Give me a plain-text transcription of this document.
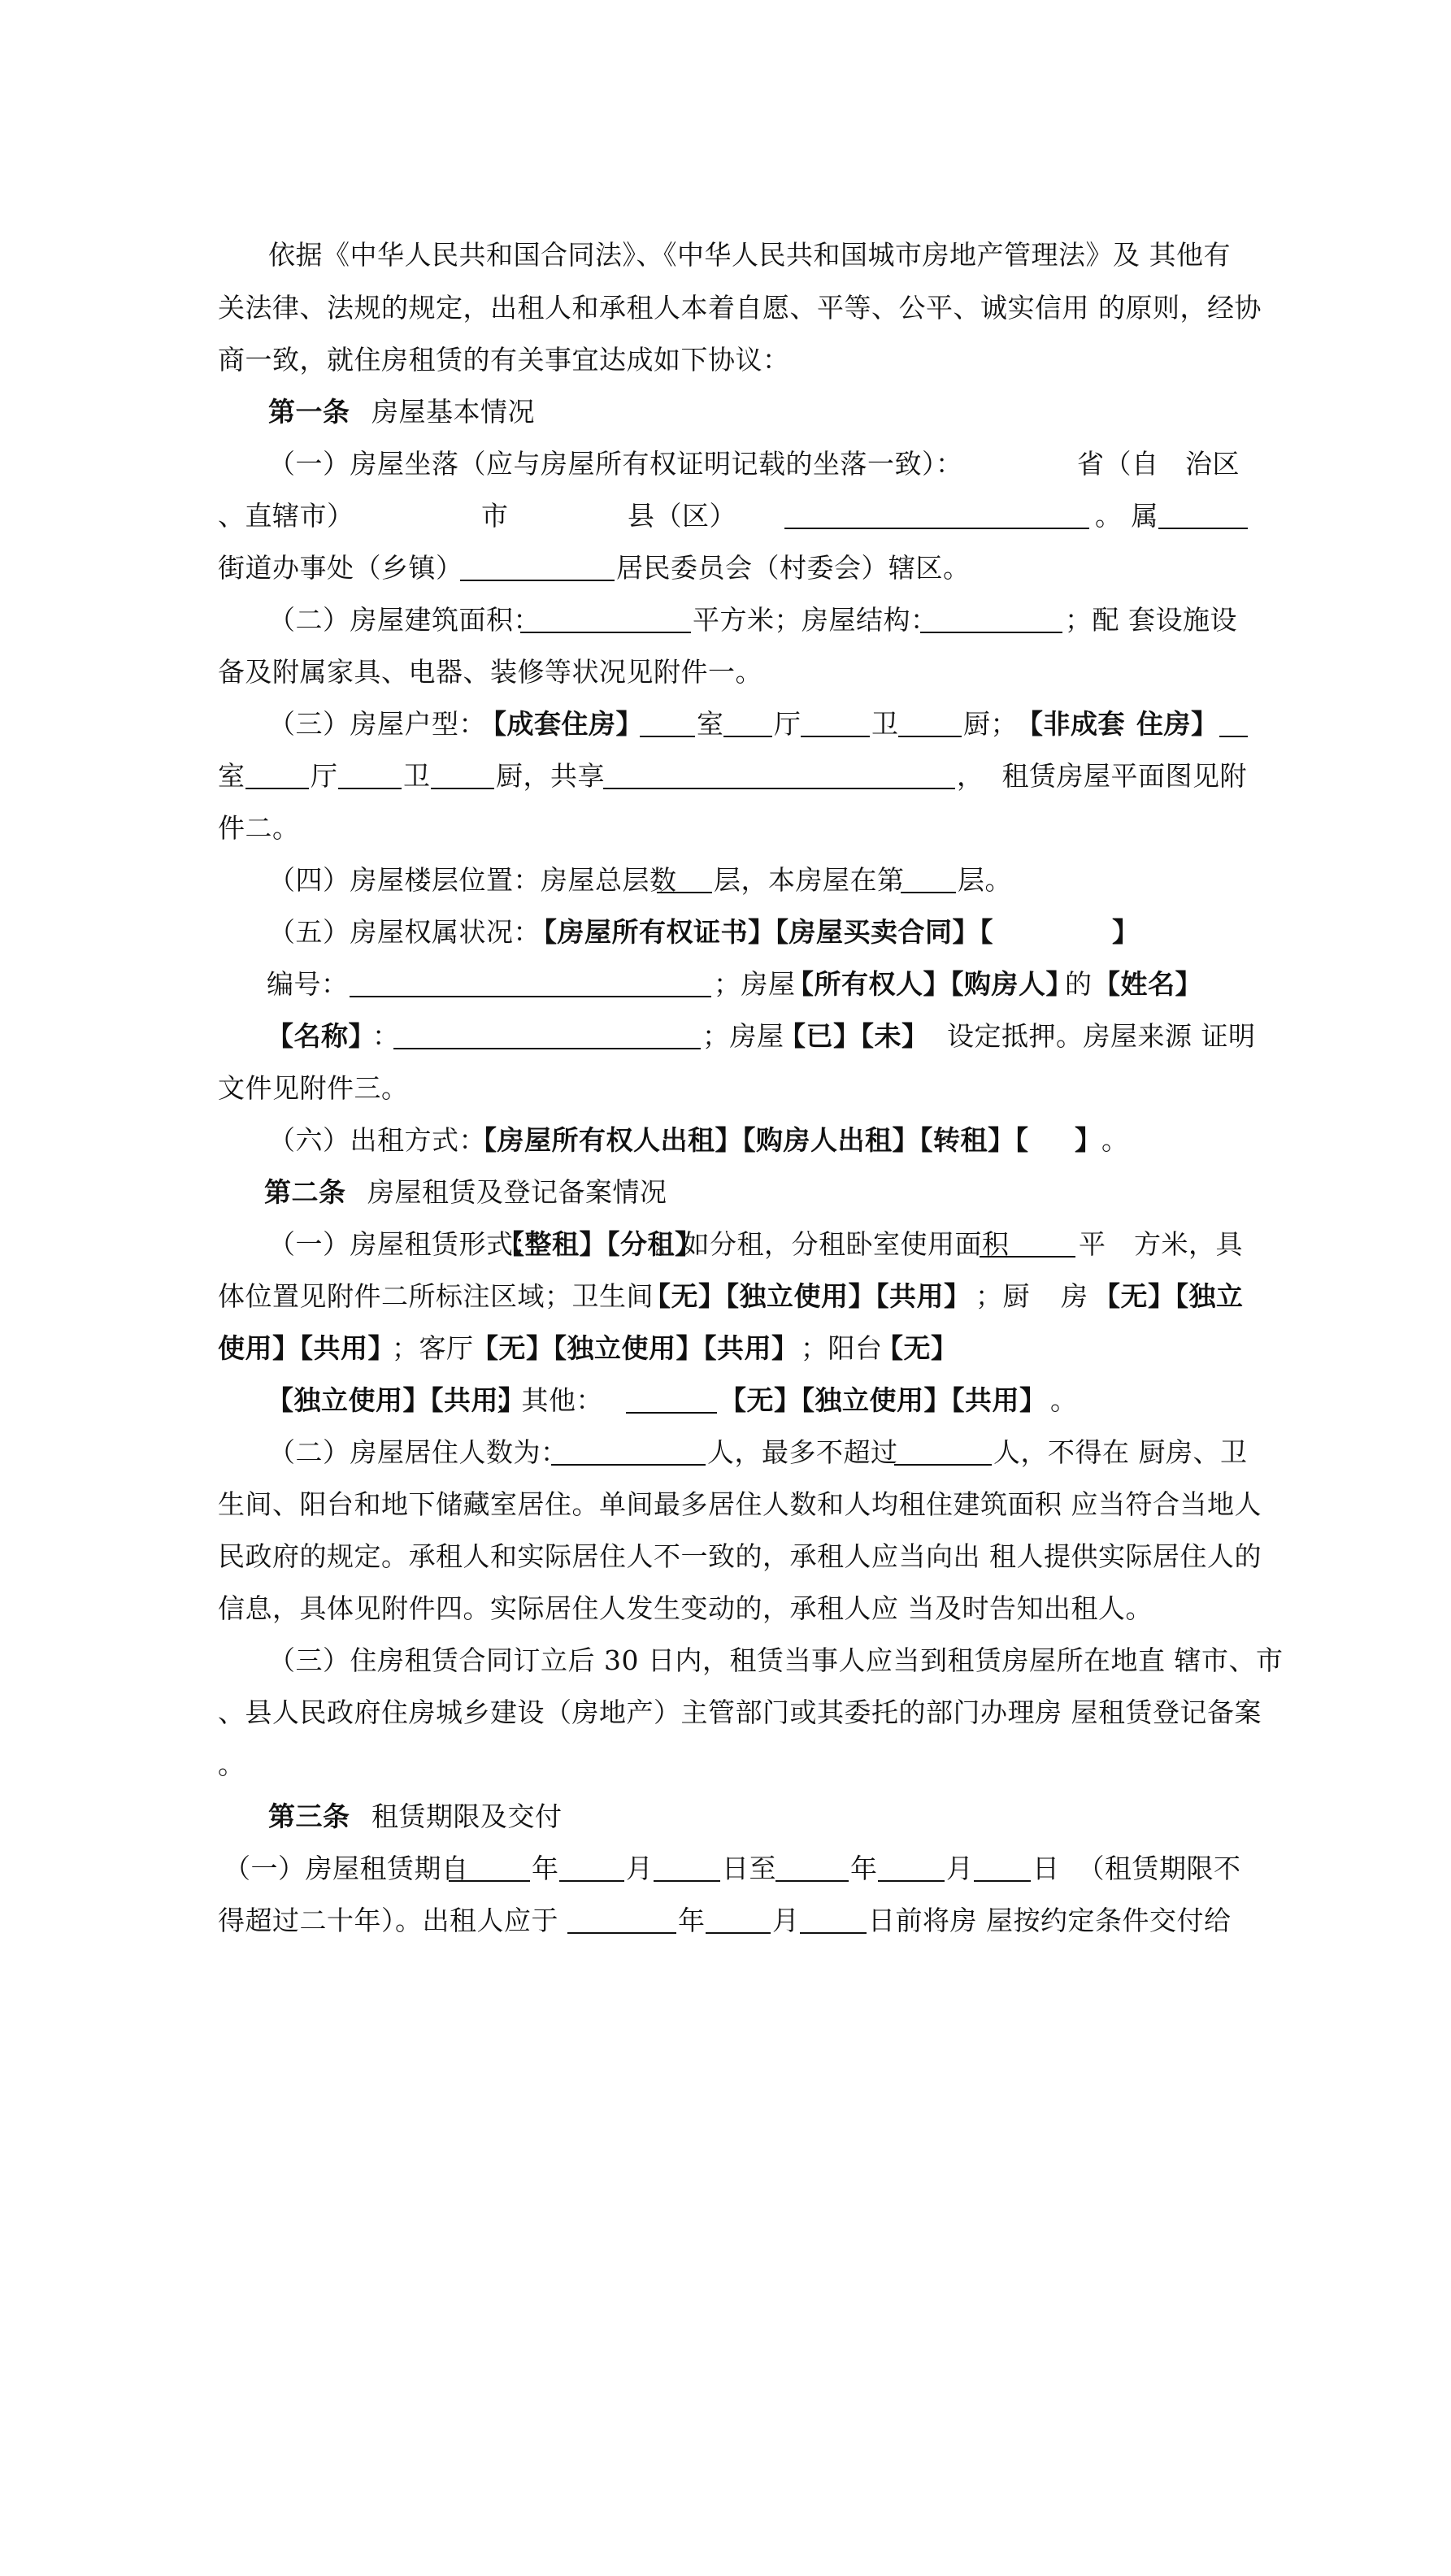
依据《中华人民共和国合同法》、《中华人民共和国城市房地产管理法》及 其他有

关法律、法规的规定，出租人和承租人本着自愿、平等、公平、诚实信用 的原则，经协

商一致，就住房租赁的有关事宜达成如下协议：

第一条

房屋基本情况

（一）房屋坐落（应与房屋所有权证明记载的坐落一致）：

	省（自

治区

、直辖市）

	市

	县（区）

	。 属

街道办事处（乡镇）

	居民委员会（村委会）辖区。

（二）房屋建筑面积：

	平方米；房屋结构：

	；配 套设施设

备及附属家具、电器、装修等状况见附件一。

（三）房屋户型：

【成套住房】

室

厅

	卫

厨；

【非成套

住房】

室

厅

卫

厨，共享

	，  租赁房屋平面图见附

件二。

（四）房屋楼层位置：房屋总层数

层，本房屋在第

层。

（五）房屋权属状况：

【房屋所有权证书】【房屋买卖合同】【

	】

编号：

	；房屋

【所有权人】【购房人】

的

【姓名】

【名称】

：

	；房屋

【已】【未】

设定抵押。房屋来源 证明

文件见附件三。

（六）出租方式：

【房屋所有权人出租】【购房人出租】【转租】【

】

。

第二条

房屋租赁及登记备案情况

（一）房屋租赁形式：

【整租】【分租】

。如分租，分租卧室使用面积

	平

方米，具

体位置见附件二所标注区域；卫生间

【无】【独立使用】【共用】

；厨

房

【无】【独立

使用】【共用】

；客厅

【无】【独立使用】【共用】

；阳台

【无】

【独立使用】【共用】

；其他：

	【无】【独立使用】【共用】

。

（二）房屋居住人数为：

	人，最多不超过

	人，不得在 厨房、卫

生间、阳台和地下储藏室居住。单间最多居住人数和人均租住建筑面积 应当符合当地人

民政府的规定。承租人和实际居住人不一致的，承租人应当向出 租人提供实际居住人的

信息，具体见附件四。实际居住人发生变动的，承租人应 当及时告知出租人。

（三）住房租赁合同订立后 30 日内，租赁当事人应当到租赁房屋所在地直 辖市、市

、县人民政府住房城乡建设（房地产）主管部门或其委托的部门办理房 屋租赁登记备案

。

第三条

租赁期限及交付

（一）房屋租赁期自

年

	月

	日至

	年

	月

日  （租赁期限不

得超过二十年）。出租人应于

	年

	月

	日前将房 屋按约定条件交付给
